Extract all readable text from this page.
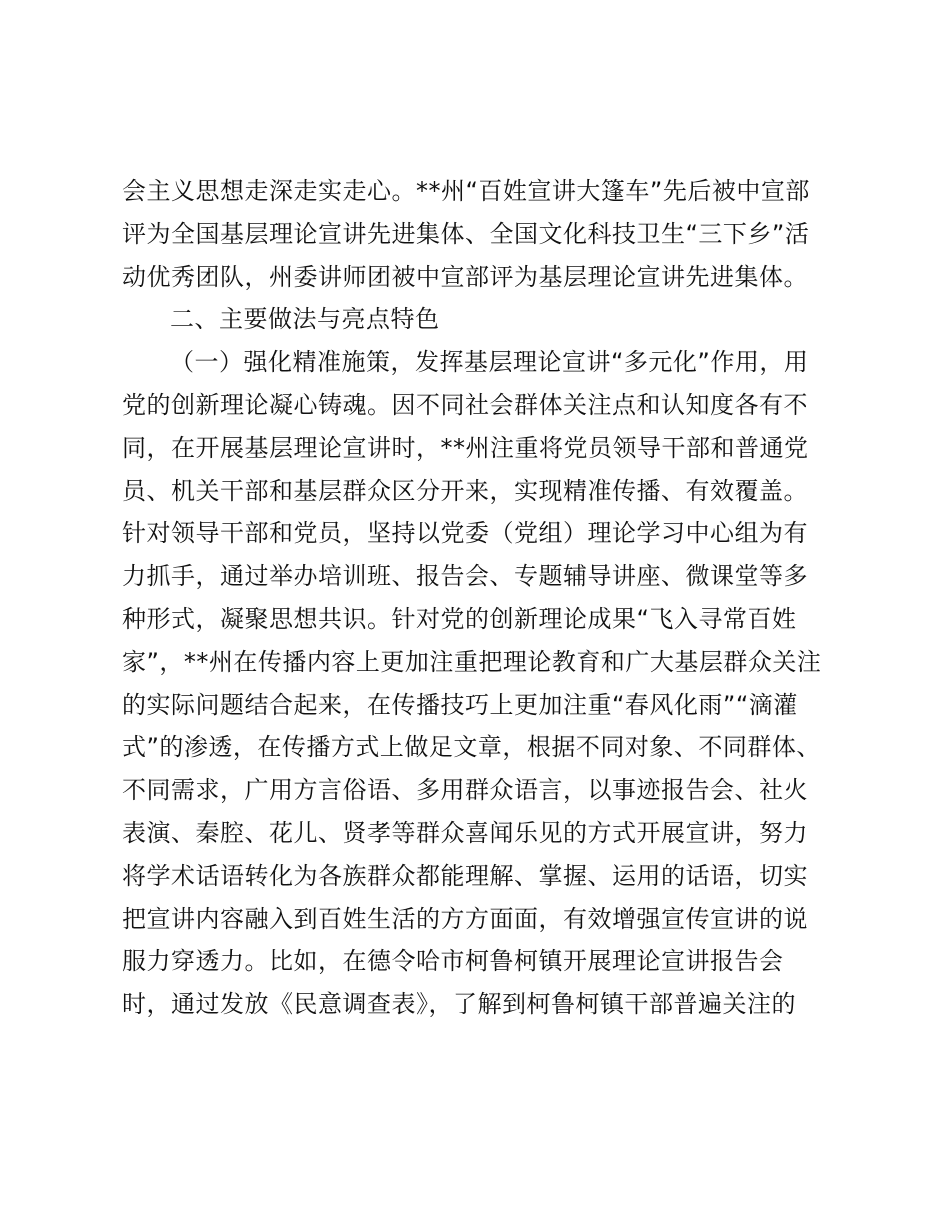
会主义思想走深走实走心。**州“百姓宣讲大篷车”先后被中宣部
评为全国基层理论宣讲先进集体、全国文化科技卫生“三下乡”活
动优秀团队，州委讲师团被中宣部评为基层理论宣讲先进集体。
二、主要做法与亮点特色
（一）强化精准施策，发挥基层理论宣讲“多元化”作用，用
党的创新理论凝心铸魂。因不同社会群体关注点和认知度各有不
同，在开展基层理论宣讲时，**州注重将党员领导干部和普通党
员、机关干部和基层群众区分开来，实现精准传播、有效覆盖。
针对领导干部和党员，坚持以党委（党组）理论学习中心组为有
力抓手，通过举办培训班、报告会、专题辅导讲座、微课堂等多
种形式，凝聚思想共识。针对党的创新理论成果“飞入寻常百姓
家”，**州在传播内容上更加注重把理论教育和广大基层群众关注
的实际问题结合起来，在传播技巧上更加注重“春风化雨”“滴灌
式”的渗透，在传播方式上做足文章，根据不同对象、不同群体、
不同需求，广用方言俗语、多用群众语言，以事迹报告会、社火
表演、秦腔、花儿、贤孝等群众喜闻乐见的方式开展宣讲，努力
将学术话语转化为各族群众都能理解、掌握、运用的话语，切实
把宣讲内容融入到百姓生活的方方面面，有效增强宣传宣讲的说
服力穿透力。比如，在德令哈市柯鲁柯镇开展理论宣讲报告会
时，通过发放《民意调查表》，了解到柯鲁柯镇干部普遍关注的
